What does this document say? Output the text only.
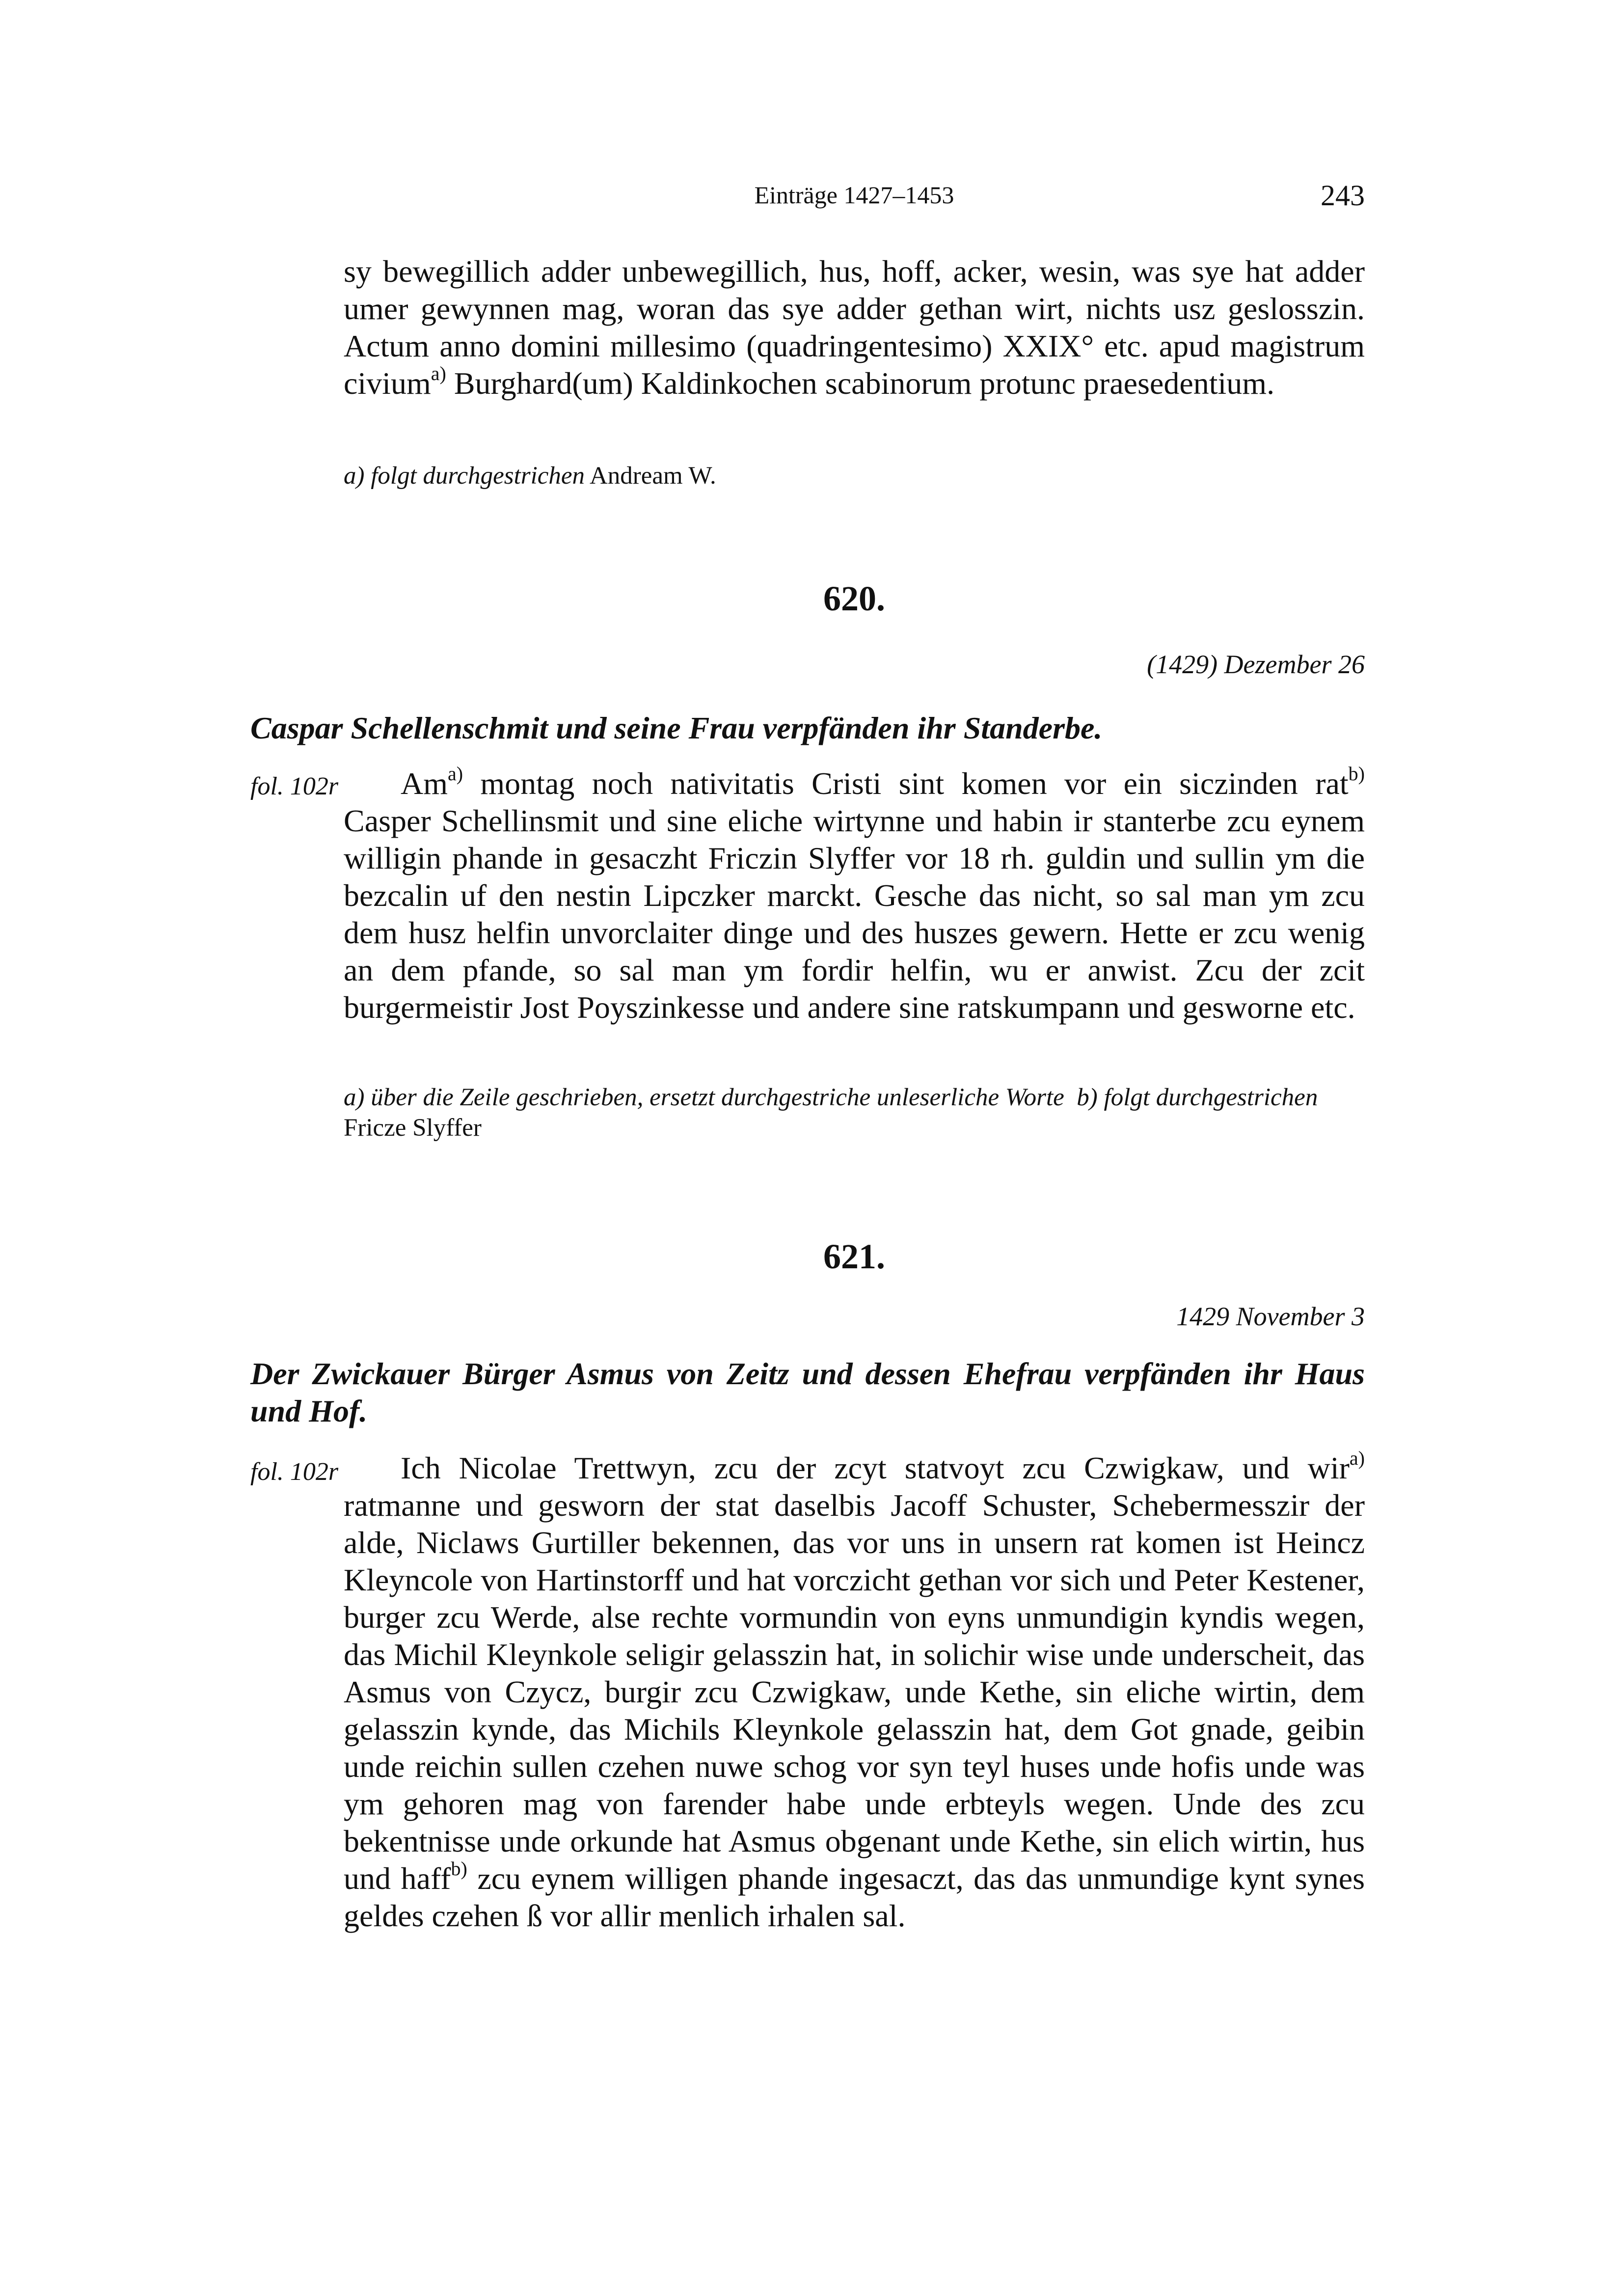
Einträge 1427–1453	243
sy bewegillich adder unbewegillich, hus, hoff, acker, wesin, was sye hat adder umer gewynnen mag, woran das sye adder gethan wirt, nichts usz geslosszin. Actum anno domini millesimo (quadringentesimo) XXIX° etc. apud magistrum civium$^{a)}$ Burghard(um) Kaldinkochen scabinorum protunc praesedentium.
a) folgt durchgestrichen Andream W.
620.
(1429) Dezember 26
Caspar Schellenschmit und seine Frau verpfänden ihr Standerbe.
fol. 102r	Am$^{a)}$ montag noch nativitatis Cristi sint komen vor ein siczinden rat$^{b)}$ Casper Schellinsmit und sine eliche wirtynne und habin ir stanterbe zcu eynem willigin phande in gesaczht Friczin Slyffer vor 18 rh. guldin und sullin ym die bezcalin uf den nestin Lipczker marckt. Gesche das nicht, so sal man ym zcu dem husz helfin unvorclaiter dinge und des huszes gewern. Hette er zcu wenig an dem pfande, so sal man ym fordir helfin, wu er anwist. Zcu der zcit burgermeistir Jost Poyszinkesse und andere sine ratskumpann und gesworne etc.
a) über die Zeile geschrieben, ersetzt durchgestriche unleserliche Worte b) folgt durchgestrichen Fricze Slyffer
621.
1429 November 3
Der Zwickauer Bürger Asmus von Zeitz und dessen Ehefrau verpfänden ihr Haus und Hof.
fol. 102r	Ich Nicolae Trettwyn, zcu der zcyt statvoyt zcu Czwigkaw, und wir$^{a)}$ ratmanne und gesworn der stat daselbis Jacoff Schuster, Schebermesszir der alde, Niclaws Gurtiller bekennen, das vor uns in unsern rat komen ist Heincz Kleyncole von Hartinstorff und hat vorczicht gethan vor sich und Peter Kestener, burger zcu Werde, alse rechte vormundin von eyns unmundigin kyndis wegen, das Michil Kleynkole seligir gelasszin hat, in solichir wise unde underscheit, das Asmus von Czycz, burgir zcu Czwigkaw, unde Kethe, sin eliche wirtin, dem gelasszin kynde, das Michils Kleynkole gelasszin hat, dem Got gnade, geibin unde reichin sullen czehen nuwe schog vor syn teyl huses unde hofis unde was ym gehoren mag von farender habe unde erbteyls wegen. Unde des zcu bekentnisse unde orkunde hat Asmus obgenant unde Kethe, sin elich wirtin, hus und haff$^{b)}$ zcu eynem willigen phande ingesaczt, das das unmundige kynt synes geldes czehen ß vor allir menlich irhalen sal.
